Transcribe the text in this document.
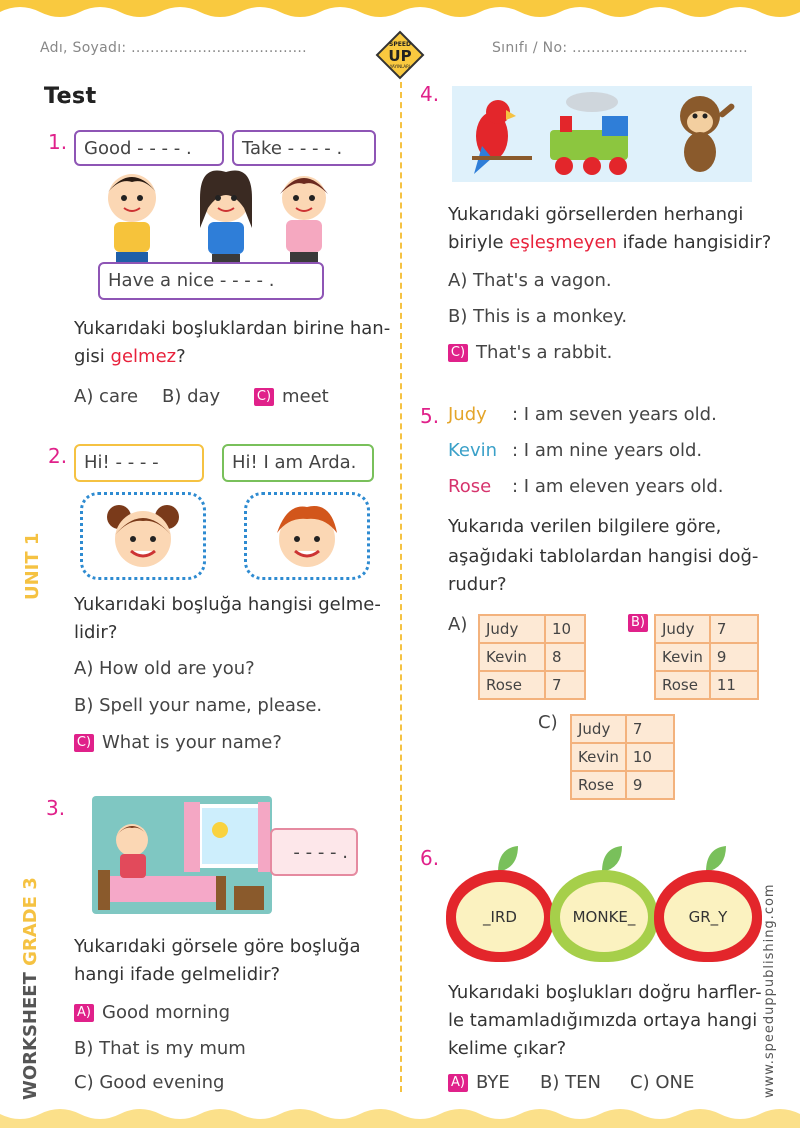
Adı, Soyadı: .....................................	Sınıfı / No: .....................................
SPEED
UP
YAYINLARI
WORKSHEET GRADE 3
UNIT 1
www.speeduppublishing.com
Test
1. Good - - - - .	Take - - - - .
Have a nice - - - - .
Yukarıdaki boşluklardan birine han-
gisi gelmez?
A) care B) day	C) meet
2. Hi! - - - -	Hi! I am Arda.
Yukarıdaki boşluğa hangisi gelme-
lidir?
A) How old are you?
B) Spell your name, please.
C) What is your name?
3.
- - - - .
Yukarıdaki görsele göre boşluğa
hangi ifade gelmelidir?
A) Good morning
B) That is my mum
C) Good evening
4.
Yukarıdaki görsellerden herhangi
biriyle eşleşmeyen ifade hangisidir?
A) That's a vagon.
B) This is a monkey.
C) That's a rabbit.
5. Judy : I am seven years old.
Kevin : I am nine years old.
Rose : I am eleven years old.
Yukarıda verilen bilgilere göre,
aşağıdaki tablolardan hangisi doğ-
rudur?
A) Judy	10
Kevin	8
Rose	7
B)	Judy	7
Kevin	9
Rose	11
C) Judy	7
Kevin	10
Rose	9
6.
_IRD	MONKE_	GR_Y
Yukarıdaki boşlukları doğru harfler-
le tamamladığımızda ortaya hangi
kelime çıkar?
A) BYE B) TEN C) ONE
